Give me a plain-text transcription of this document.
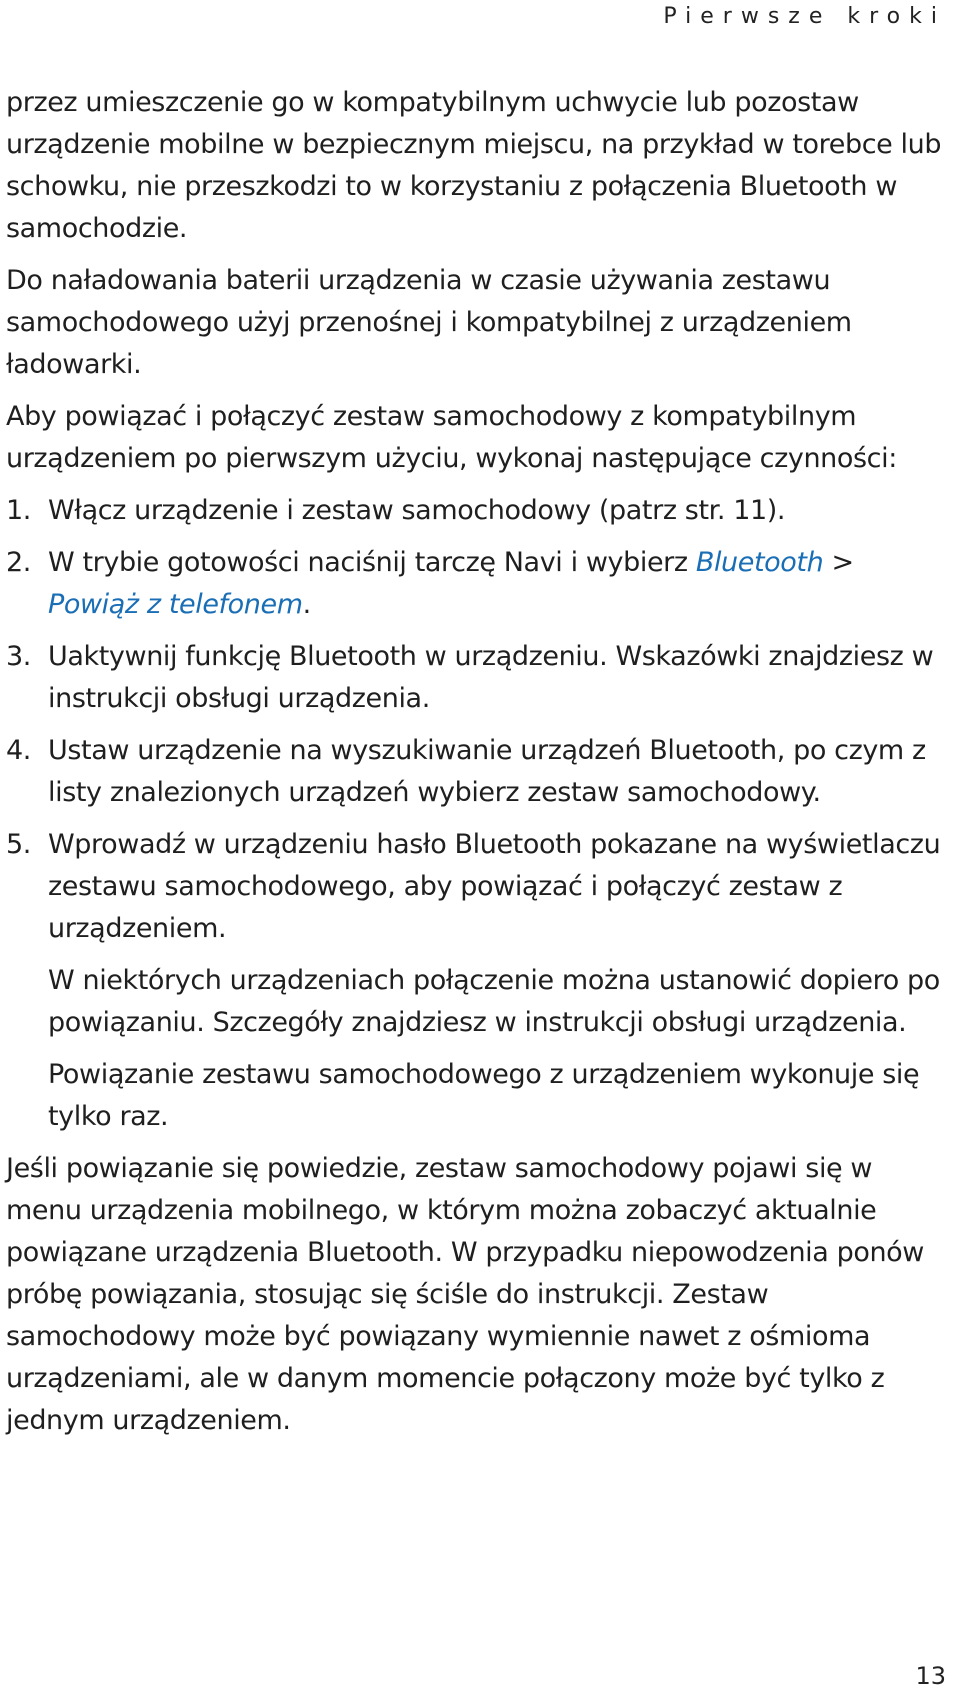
Pierwsze kroki

przez umieszczenie go w kompatybilnym uchwycie lub pozostaw urządzenie mobilne w bezpiecznym miejscu, na przykład w torebce lub schowku, nie przeszkodzi to w korzystaniu z połączenia Bluetooth w samochodzie.

Do naładowania baterii urządzenia w czasie używania zestawu samochodowego użyj przenośnej i kompatybilnej z urządzeniem ładowarki.

Aby powiązać i połączyć zestaw samochodowy z kompatybilnym urządzeniem po pierwszym użyciu, wykonaj następujące czynności:

1. Włącz urządzenie i zestaw samochodowy (patrz str. 11).
2. W trybie gotowości naciśnij tarczę Navi i wybierz Bluetooth > Powiąż z telefonem.
3. Uaktywnij funkcję Bluetooth w urządzeniu. Wskazówki znajdziesz w instrukcji obsługi urządzenia.
4. Ustaw urządzenie na wyszukiwanie urządzeń Bluetooth, po czym z listy znalezionych urządzeń wybierz zestaw samochodowy.
5. Wprowadź w urządzeniu hasło Bluetooth pokazane na wyświetlaczu zestawu samochodowego, aby powiązać i połączyć zestaw z urządzeniem.

W niektórych urządzeniach połączenie można ustanowić dopiero po powiązaniu. Szczegóły znajdziesz w instrukcji obsługi urządzenia.

Powiązanie zestawu samochodowego z urządzeniem wykonuje się tylko raz.

Jeśli powiązanie się powiedzie, zestaw samochodowy pojawi się w menu urządzenia mobilnego, w którym można zobaczyć aktualnie powiązane urządzenia Bluetooth. W przypadku niepowodzenia ponów próbę powiązania, stosując się ściśle do instrukcji. Zestaw samochodowy może być powiązany wymiennie nawet z ośmioma urządzeniami, ale w danym momencie połączony może być tylko z jednym urządzeniem.

13
